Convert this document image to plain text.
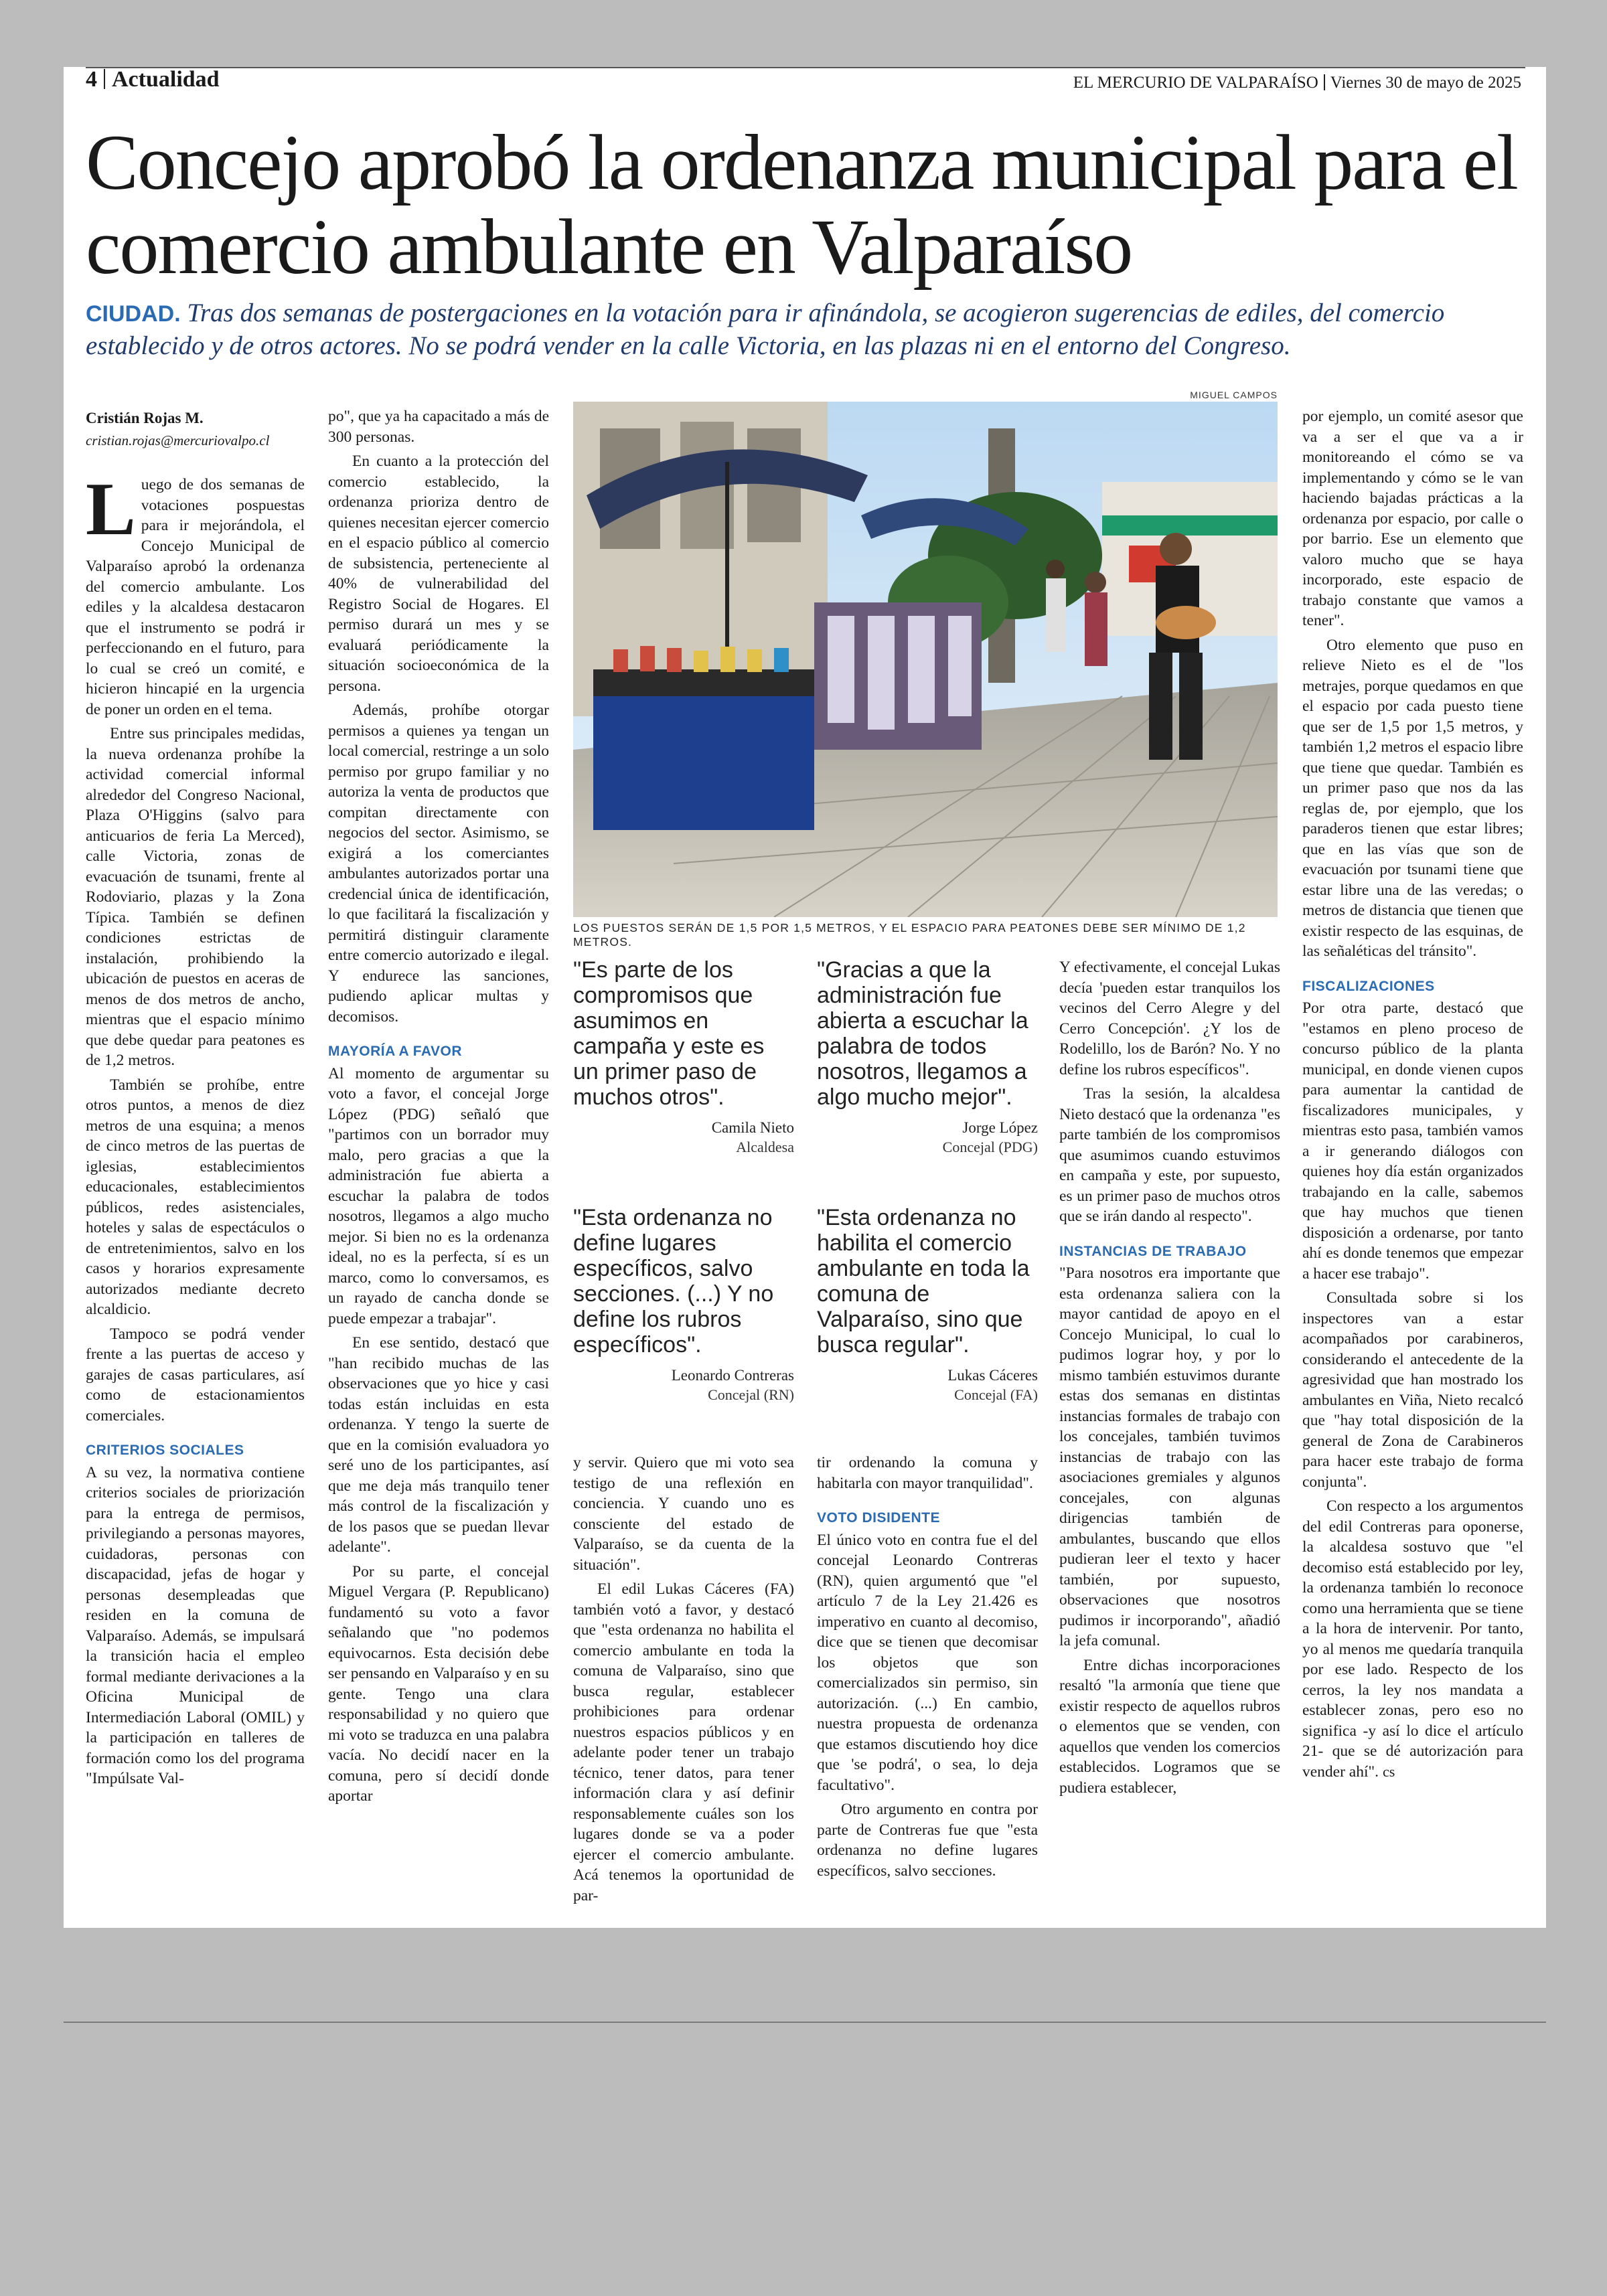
4 Actualidad	EL MERCURIO DE VALPARAÍSO Viernes 30 de mayo de 2025
Concejo aprobó la ordenanza municipal para el comercio ambulante en Valparaíso
CIUDAD. Tras dos semanas de postergaciones en la votación para ir afinándola, se acogieron sugerencias de ediles, del comercio establecido y de otros actores. No se podrá vender en la calle Victoria, en las plazas ni en el entorno del Congreso.
Cristián Rojas M.
cristian.rojas@mercuriovalpo.cl

Luego de dos semanas de votaciones pospuestas para ir mejorándola, el Concejo Municipal de Valparaíso aprobó la ordenanza del comercio ambulante. Los ediles y la alcaldesa destacaron que el instrumento se podrá ir perfeccionando en el futuro, para lo cual se creó un comité, e hicieron hincapié en la urgencia de poner un orden en el tema.

Entre sus principales medidas, la nueva ordenanza prohíbe la actividad comercial informal alrededor del Congreso Nacional, Plaza O'Higgins (salvo para anticuarios de feria La Merced), calle Victoria, zonas de evacuación de tsunami, frente al Rodoviario, plazas y la Zona Típica. También se definen condiciones estrictas de instalación, prohibiendo la ubicación de puestos en aceras de menos de dos metros de ancho, mientras que el espacio mínimo que debe quedar para peatones es de 1,2 metros.

También se prohíbe, entre otros puntos, a menos de diez metros de una esquina; a menos de cinco metros de las puertas de iglesias, establecimientos educacionales, establecimientos públicos, redes asistenciales, hoteles y salas de espectáculos o de entretenimientos, salvo en los casos y horarios expresamente autorizados mediante decreto alcaldicio.

Tampoco se podrá vender frente a las puertas de acceso y garajes de casas particulares, así como de estacionamientos comerciales.

CRITERIOS SOCIALES

A su vez, la normativa contiene criterios sociales de priorización para la entrega de permisos, privilegiando a personas mayores, cuidadoras, personas con discapacidad, jefas de hogar y personas desempleadas que residen en la comuna de Valparaíso. Además, se impulsará la transición hacia el empleo formal mediante derivaciones a la Oficina Municipal de Intermediación Laboral (OMIL) y la participación en talleres de formación como los del programa "Impúlsate Val-

po", que ya ha capacitado a más de 300 personas.

En cuanto a la protección del comercio establecido, la ordenanza prioriza dentro de quienes necesitan ejercer comercio en el espacio público al comercio de subsistencia, perteneciente al 40% de vulnerabilidad del Registro Social de Hogares. El permiso durará un mes y se evaluará periódicamente la situación socioeconómica de la persona.

Además, prohíbe otorgar permisos a quienes ya tengan un local comercial, restringe a un solo permiso por grupo familiar y no autoriza la venta de productos que compitan directamente con negocios del sector. Asimismo, se exigirá a los comerciantes ambulantes autorizados portar una credencial única de identificación, lo que facilitará la fiscalización y permitirá distinguir claramente entre comercio autorizado e ilegal. Y endurece las sanciones, pudiendo aplicar multas y decomisos.

MAYORÍA A FAVOR

Al momento de argumentar su voto a favor, el concejal Jorge López (PDG) señaló que "partimos con un borrador muy malo, pero gracias a que la administración fue abierta a escuchar la palabra de todos nosotros, llegamos a algo mucho mejor. Si bien no es la ordenanza ideal, no es la perfecta, sí es un marco, como lo conversamos, es un rayado de cancha donde se puede empezar a trabajar".

En ese sentido, destacó que "han recibido muchas de las observaciones que yo hice y casi todas están incluidas en esta ordenanza. Y tengo la suerte de que en la comisión evaluadora yo seré uno de los participantes, así que me deja más tranquilo tener más control de la fiscalización y de los pasos que se puedan llevar adelante".

Por su parte, el concejal Miguel Vergara (P. Republicano) fundamentó su voto a favor señalando que "no podemos equivocarnos. Esta decisión debe ser pensando en Valparaíso y en su gente. Tengo una clara responsabilidad y no quiero que mi voto se traduzca en una palabra vacía. No decidí nacer en la comuna, pero sí decidí donde aportar

MIGUEL CAMPOS
LOS PUESTOS SERÁN DE 1,5 POR 1,5 METROS, Y EL ESPACIO PARA PEATONES DEBE SER MÍNIMO DE 1,2 METROS.
"Es parte de los compromisos que asumimos en campaña y este es un primer paso de muchos otros".
Camila Nieto
Alcaldesa
"Gracias a que la administración fue abierta a escuchar la palabra de todos nosotros, llegamos a algo mucho mejor".
Jorge López
Concejal (PDG)
"Esta ordenanza no define lugares específicos, salvo secciones. (...) Y no define los rubros específicos".
Leonardo Contreras
Concejal (RN)
"Esta ordenanza no habilita el comercio ambulante en toda la comuna de Valparaíso, sino que busca regular".
Lukas Cáceres
Concejal (FA)

y servir. Quiero que mi voto sea testigo de una reflexión en conciencia. Y cuando uno es consciente del estado de Valparaíso, se da cuenta de la situación".

El edil Lukas Cáceres (FA) también votó a favor, y destacó que "esta ordenanza no habilita el comercio ambulante en toda la comuna de Valparaíso, sino que busca regular, establecer prohibiciones para ordenar nuestros espacios públicos y en adelante poder tener un trabajo técnico, tener datos, para tener información clara y así definir responsablemente cuáles son los lugares donde se va a poder ejercer el comercio ambulante. Acá tenemos la oportunidad de par-

tir ordenando la comuna y habitarla con mayor tranquilidad".

VOTO DISIDENTE

El único voto en contra fue el del concejal Leonardo Contreras (RN), quien argumentó que "el artículo 7 de la Ley 21.426 es imperativo en cuanto al decomiso, dice que se tienen que decomisar los objetos que son comercializados sin permiso, sin autorización. (...) En cambio, nuestra propuesta de ordenanza que estamos discutiendo hoy dice que 'se podrá', o sea, lo deja facultativo".

Otro argumento en contra por parte de Contreras fue que "esta ordenanza no define lugares específicos, salvo secciones.

Y efectivamente, el concejal Lukas decía 'pueden estar tranquilos los vecinos del Cerro Alegre y del Cerro Concepción'. ¿Y los de Rodelillo, los de Barón? No. Y no define los rubros específicos".

Tras la sesión, la alcaldesa Nieto destacó que la ordenanza "es parte también de los compromisos que asumimos cuando estuvimos en campaña y este, por supuesto, es un primer paso de muchos otros que se irán dando al respecto".

INSTANCIAS DE TRABAJO

"Para nosotros era importante que esta ordenanza saliera con la mayor cantidad de apoyo en el Concejo Municipal, lo cual lo pudimos lograr hoy, y por lo mismo también estuvimos durante estas dos semanas en distintas instancias formales de trabajo con los concejales, también tuvimos instancias de trabajo con las asociaciones gremiales y algunos concejales, con algunas dirigencias también de ambulantes, buscando que ellos pudieran leer el texto y hacer también, por supuesto, observaciones que nosotros pudimos ir incorporando", añadió la jefa comunal.

Entre dichas incorporaciones resaltó "la armonía que tiene que existir respecto de aquellos rubros o elementos que se venden, con aquellos que venden los comercios establecidos. Logramos que se pudiera establecer,

por ejemplo, un comité asesor que va a ser el que va a ir monitoreando el cómo se va implementando y cómo se le van haciendo bajadas prácticas a la ordenanza por espacio, por calle o por barrio. Ese un elemento que valoro mucho que se haya incorporado, este espacio de trabajo constante que vamos a tener".

Otro elemento que puso en relieve Nieto es el de "los metrajes, porque quedamos en que el espacio por cada puesto tiene que ser de 1,5 por 1,5 metros, y también 1,2 metros el espacio libre que tiene que quedar. También es un primer paso que nos da las reglas de, por ejemplo, que los paraderos tienen que estar libres; que en las vías que son de evacuación por tsunami tiene que estar libre una de las veredas; o metros de distancia que tienen que existir respecto de las esquinas, de las señaléticas del tránsito".

FISCALIZACIONES

Por otra parte, destacó que "estamos en pleno proceso de concurso público de la planta municipal, en donde vienen cupos para aumentar la cantidad de fiscalizadores municipales, y mientras esto pasa, también vamos a ir generando diálogos con quienes hoy día están organizados trabajando en la calle, sabemos que hay muchos que tienen disposición a ordenarse, por tanto ahí es donde tenemos que empezar a hacer ese trabajo".

Consultada sobre si los inspectores van a estar acompañados por carabineros, considerando el antecedente de la agresividad que han mostrado los ambulantes en Viña, Nieto recalcó que "hay total disposición de la general de Zona de Carabineros para hacer este trabajo de forma conjunta".

Con respecto a los argumentos del edil Contreras para oponerse, la alcaldesa sostuvo que "el decomiso está establecido por ley, la ordenanza también lo reconoce como una herramienta que se tiene a la hora de intervenir. Por tanto, yo al menos me quedaría tranquila por ese lado. Respecto de los cerros, la ley nos mandata a establecer zonas, pero eso no significa -y así lo dice el artículo 21- que se dé autorización para vender ahí". cs
